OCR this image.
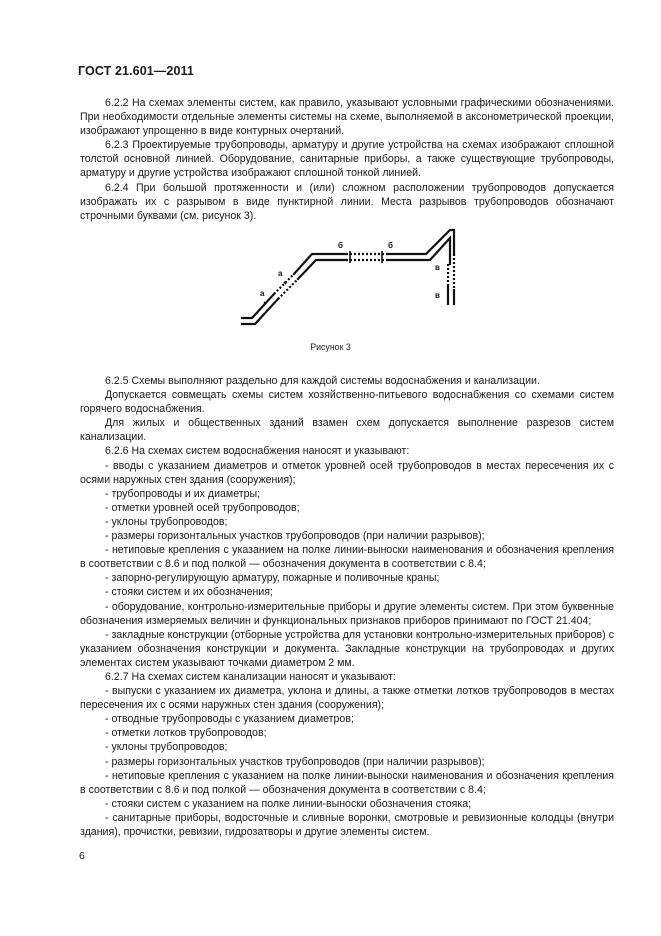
ГОСТ 21.601—2011

6.2.2 На схемах элементы систем, как правило, указывают условными графическими обозначениями. При необходимости отдельные элементы системы на схеме, выполняемой в аксонометрической проекции, изображают упрощенно в виде контурных очертаний.

6.2.3 Проектируемые трубопроводы, арматуру и другие устройства на схемах изображают сплошной толстой основной линией. Оборудование, санитарные приборы, а также существующие трубопроводы, арматуру и другие устройства изображают сплошной тонкой линией.

6.2.4 При большой протяженности и (или) сложном расположении трубопроводов допускается изображать их с разрывом в виде пунктирной линии. Места разрывов трубопроводов обозначают строчными буквами (см. рисунок 3).

а
а
б	б
в
в
Рисунок 3

6.2.5 Схемы выполняют раздельно для каждой системы водоснабжения и канализации.

Допускается совмещать схемы систем хозяйственно-питьевого водоснабжения со схемами систем горячего водоснабжения.

Для жилых и общественных зданий взамен схем допускается выполнение разрезов систем канализации.

6.2.6 На схемах систем водоснабжения наносят и указывают:

- вводы с указанием диаметров и отметок уровней осей трубопроводов в местах пересечения их с осями наружных стен здания (сооружения);

- трубопроводы и их диаметры;

- отметки уровней осей трубопроводов;

- уклоны трубопроводов;

- размеры горизонтальных участков трубопроводов (при наличии разрывов);

- нетиповые крепления с указанием на полке линии-выноски наименования и обозначения крепления в соответствии с 8.6 и под полкой — обозначения документа в соответствии с 8.4;

- запорно-регулирующую арматуру, пожарные и поливочные краны;

- стояки систем и их обозначения;

- оборудование, контрольно-измерительные приборы и другие элементы систем. При этом буквенные обозначения измеряемых величин и функциональных признаков приборов принимают по ГОСТ 21.404;

- закладные конструкции (отборные устройства для установки контрольно-измерительных приборов) с указанием обозначения конструкции и документа. Закладные конструкции на трубопроводах и других элементах систем указывают точками диаметром 2 мм.

6.2.7 На схемах систем канализации наносят и указывают:

- выпуски с указанием их диаметра, уклона и длины, а также отметки лотков трубопроводов в местах пересечения их с осями наружных стен здания (сооружения);

- отводные трубопроводы с указанием диаметров;

- отметки лотков трубопроводов;

- уклоны трубопроводов;

- размеры горизонтальных участков трубопроводов (при наличии разрывов);

- нетиповые крепления с указанием на полке линии-выноски наименования и обозначения крепления в соответствии с 8.6 и под полкой — обозначения документа в соответствии с 8.4;

- стояки систем с указанием на полке линии-выноски обозначения стояка;

- санитарные приборы, водосточные и сливные воронки, смотровые и ревизионные колодцы (внутри здания), прочистки, ревизии, гидрозатворы и другие элементы систем.

6
